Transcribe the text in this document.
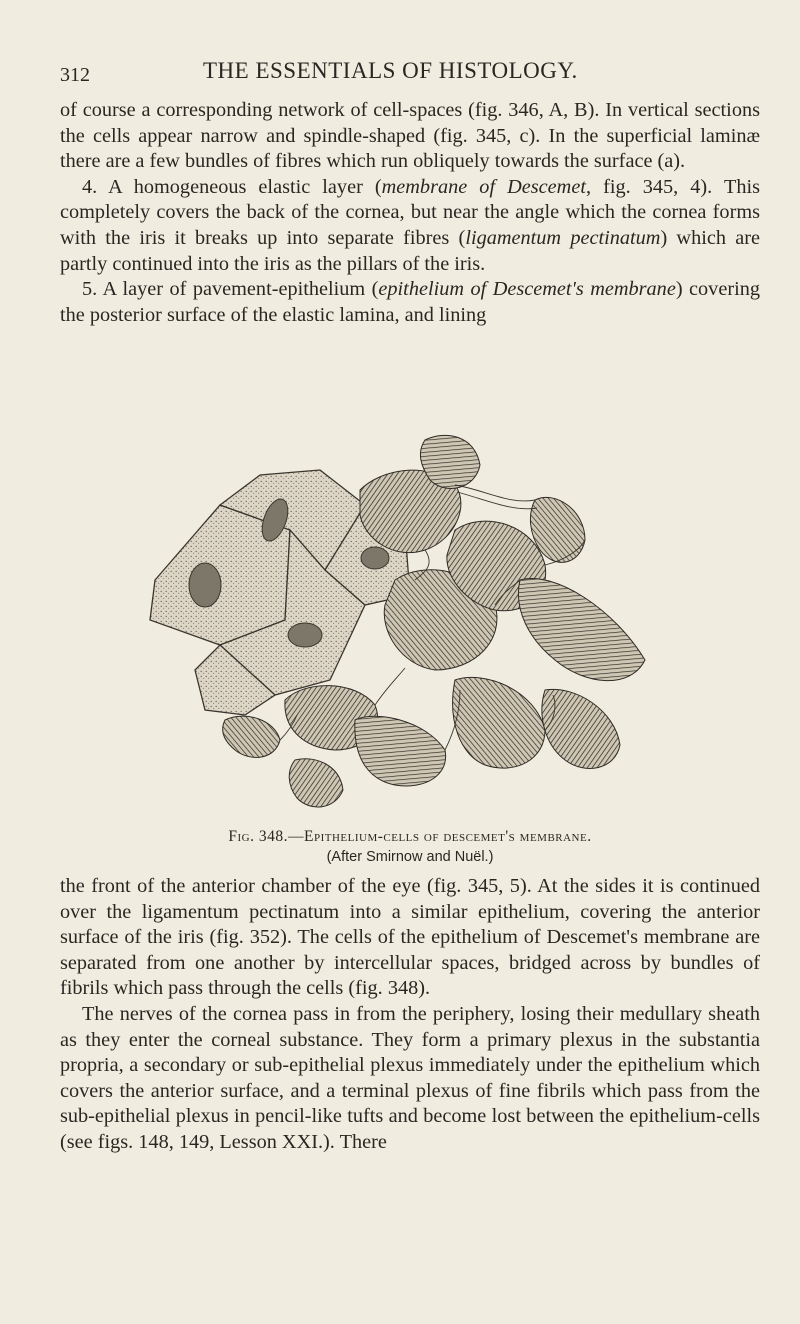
312	THE ESSENTIALS OF HISTOLOGY.

of course a corresponding network of cell-spaces (fig. 346, A, B). In vertical sections the cells appear narrow and spindle-shaped (fig. 345, c). In the superficial laminæ there are a few bundles of fibres which run obliquely towards the surface (a).

4. A homogeneous elastic layer (membrane of Descemet, fig. 345, 4). This completely covers the back of the cornea, but near the angle which the cornea forms with the iris it breaks up into separate fibres (ligamentum pectinatum) which are partly continued into the iris as the pillars of the iris.

5. A layer of pavement-epithelium (epithelium of Descemet's membrane) covering the posterior surface of the elastic lamina, and lining

Fig. 348.—Epithelium-cells of descemet's membrane.
(After Smirnow and Nuël.)

the front of the anterior chamber of the eye (fig. 345, 5). At the sides it is continued over the ligamentum pectinatum into a similar epithelium, covering the anterior surface of the iris (fig. 352). The cells of the epithelium of Descemet's membrane are separated from one another by intercellular spaces, bridged across by bundles of fibrils which pass through the cells (fig. 348).

The nerves of the cornea pass in from the periphery, losing their medullary sheath as they enter the corneal substance. They form a primary plexus in the substantia propria, a secondary or sub-epithelial plexus immediately under the epithelium which covers the anterior surface, and a terminal plexus of fine fibrils which pass from the sub-epithelial plexus in pencil-like tufts and become lost between the epithelium-cells (see figs. 148, 149, Lesson XXI.). There
